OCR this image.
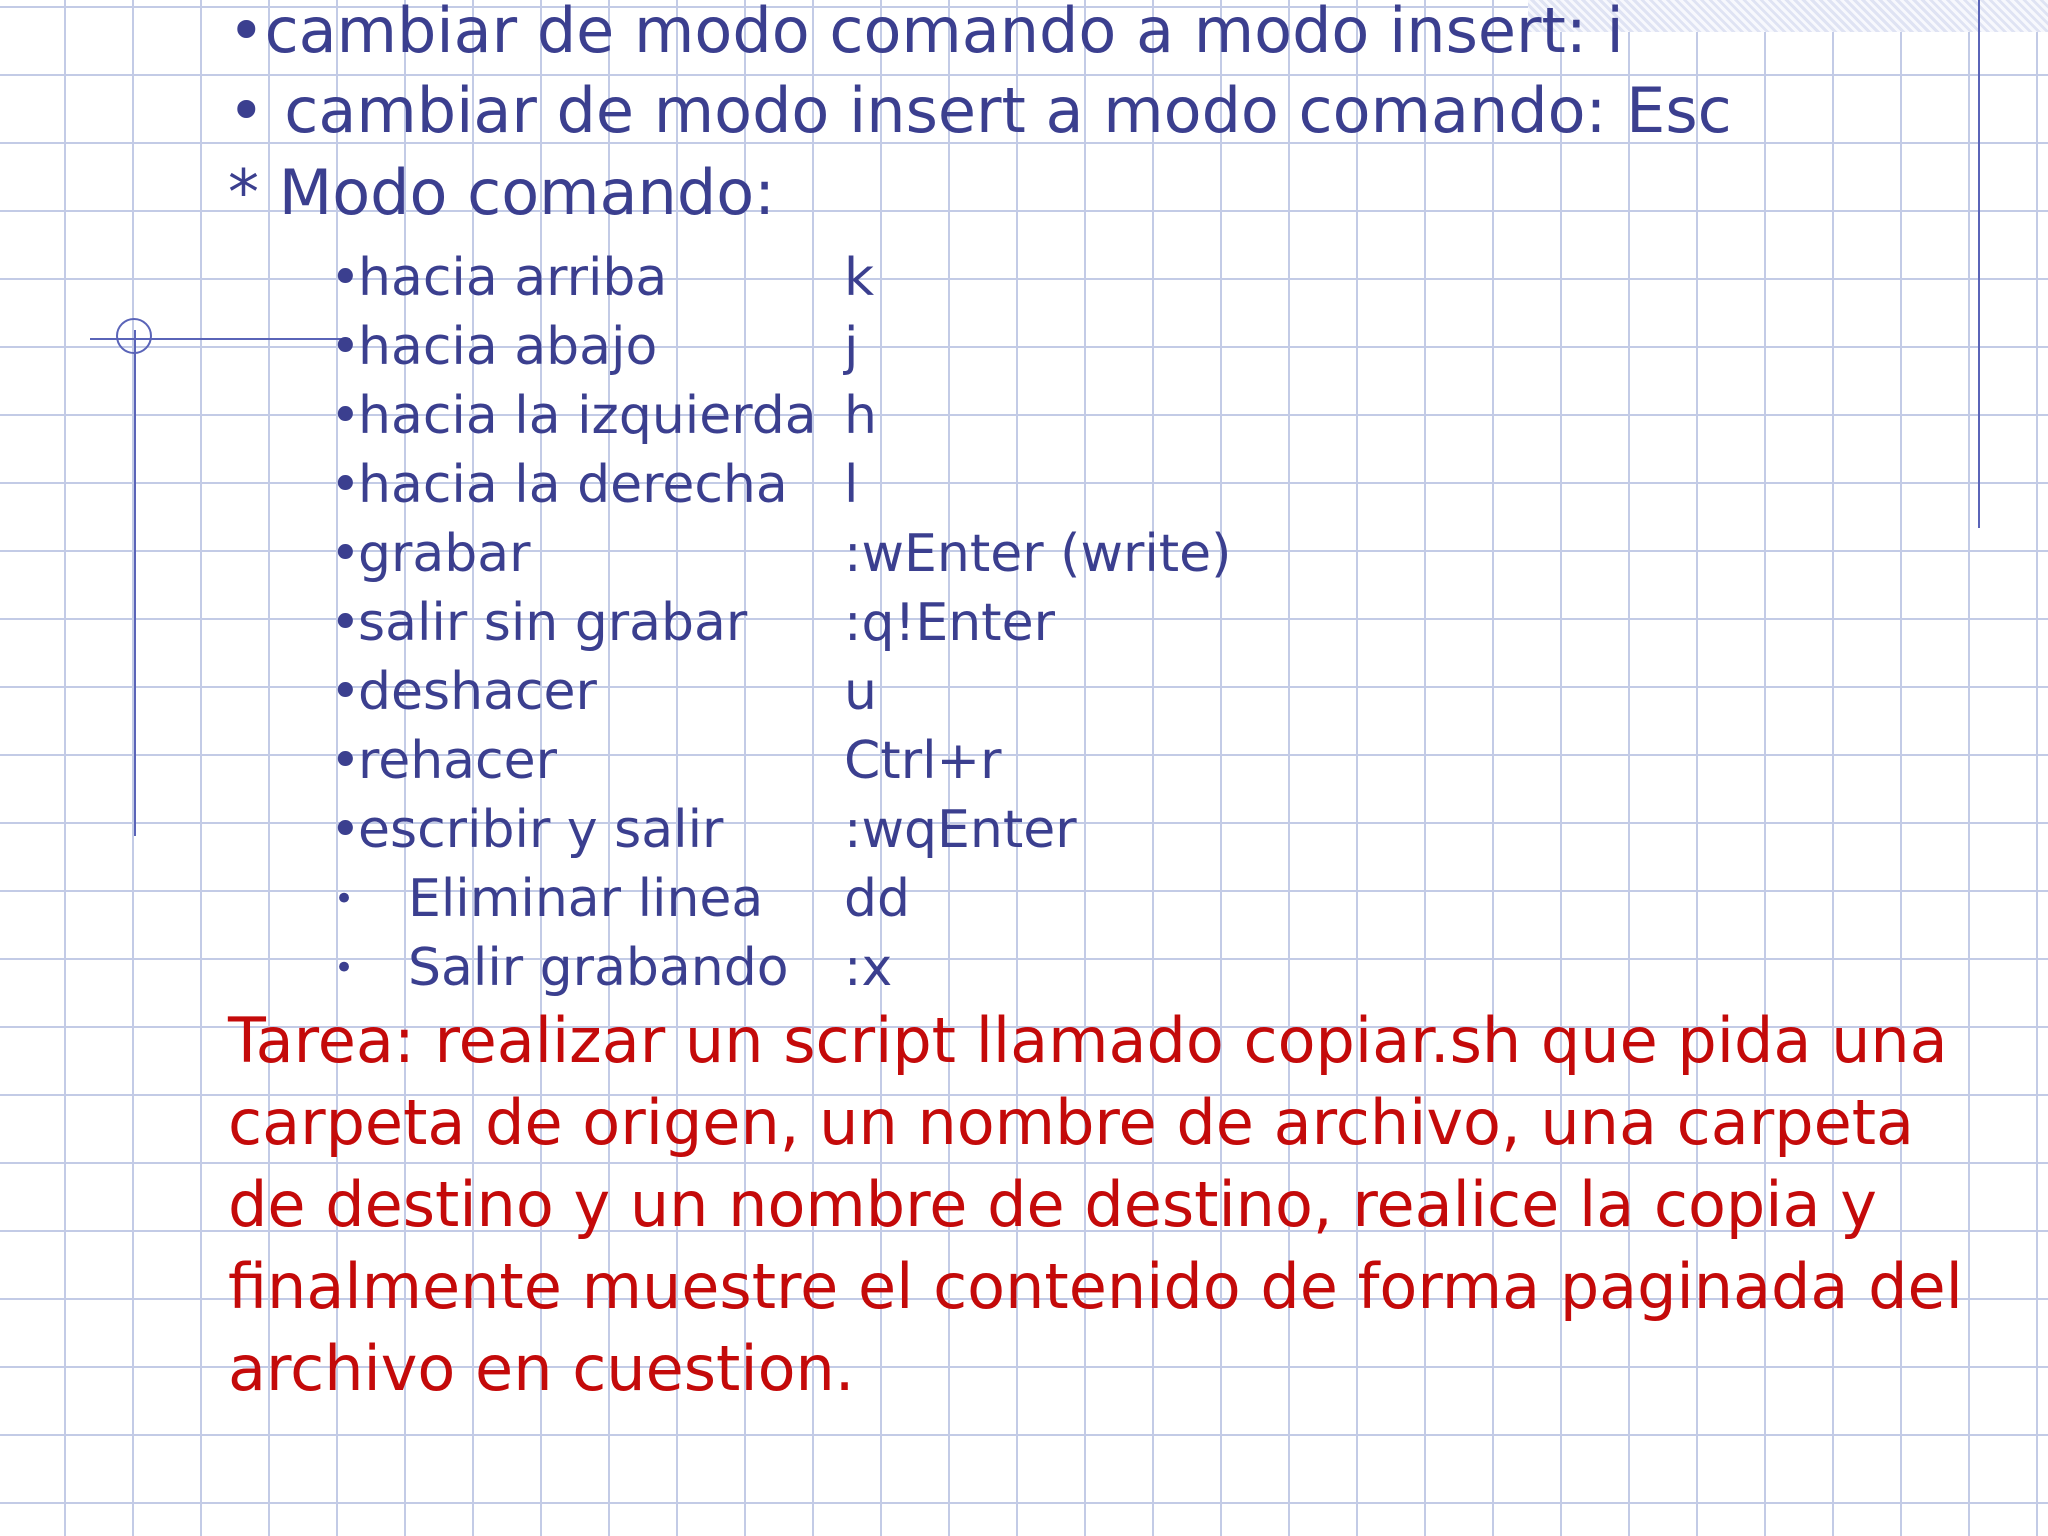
•cambiar de modo comando a modo insert: i
• cambiar de modo insert a modo comando: Esc
* Modo comando:
•
hacia arriba	k
•
hacia abajo	j
•
hacia la izquierda h
•
hacia la derecha l
•
grabar	:wEnter (write)
•
salir sin grabar :q!Enter
•
deshacer	u
•
rehacer	Ctrl+r
•
escribir y salir :wqEnter
• Eliminar linea dd
• Salir grabando :x
Tarea: realizar un script llamado copiar.sh que pida una carpeta de origen, un nombre de archivo, una carpeta de destino y un nombre de destino, realice la copia y finalmente muestre el contenido de forma paginada del archivo en cuestion.
